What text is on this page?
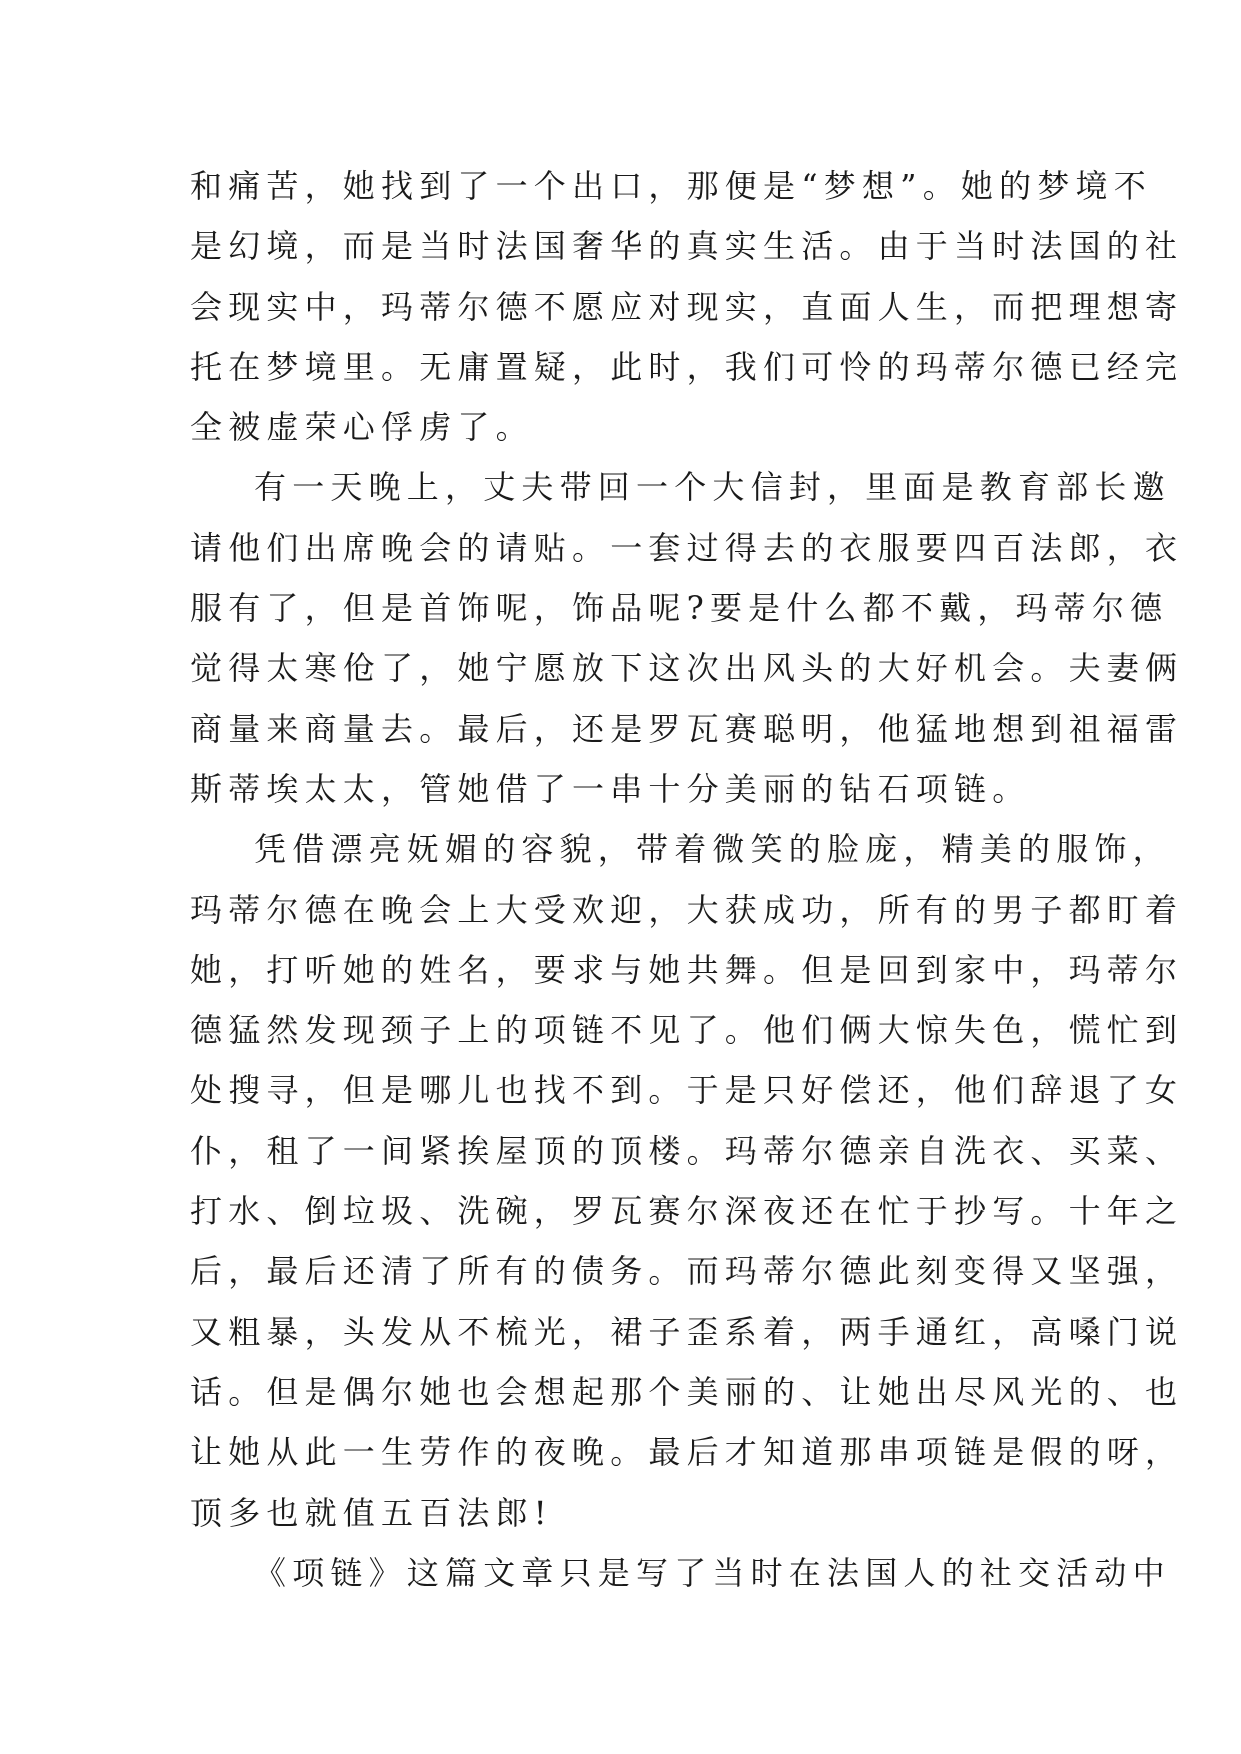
和痛苦，她找到了一个出口，那便是“梦想”。她的梦境不
是幻境，而是当时法国奢华的真实生活。由于当时法国的社
会现实中，玛蒂尔德不愿应对现实，直面人生，而把理想寄
托在梦境里。无庸置疑，此时，我们可怜的玛蒂尔德已经完
全被虚荣心俘虏了。
有一天晚上，丈夫带回一个大信封，里面是教育部长邀
请他们出席晚会的请贴。一套过得去的衣服要四百法郎，衣
服有了，但是首饰呢，饰品呢?要是什么都不戴，玛蒂尔德
觉得太寒伧了，她宁愿放下这次出风头的大好机会。夫妻俩
商量来商量去。最后，还是罗瓦赛聪明，他猛地想到祖福雷
斯蒂埃太太，管她借了一串十分美丽的钻石项链。
凭借漂亮妩媚的容貌，带着微笑的脸庞，精美的服饰，
玛蒂尔德在晚会上大受欢迎，大获成功，所有的男子都盯着
她，打听她的姓名，要求与她共舞。但是回到家中，玛蒂尔
德猛然发现颈子上的项链不见了。他们俩大惊失色，慌忙到
处搜寻，但是哪儿也找不到。于是只好偿还，他们辞退了女
仆，租了一间紧挨屋顶的顶楼。玛蒂尔德亲自洗衣、买菜、
打水、倒垃圾、洗碗，罗瓦赛尔深夜还在忙于抄写。十年之
后，最后还清了所有的债务。而玛蒂尔德此刻变得又坚强，
又粗暴，头发从不梳光，裙子歪系着，两手通红，高嗓门说
话。但是偶尔她也会想起那个美丽的、让她出尽风光的、也
让她从此一生劳作的夜晚。最后才知道那串项链是假的呀，
顶多也就值五百法郎!
《项链》这篇文章只是写了当时在法国人的社交活动中
